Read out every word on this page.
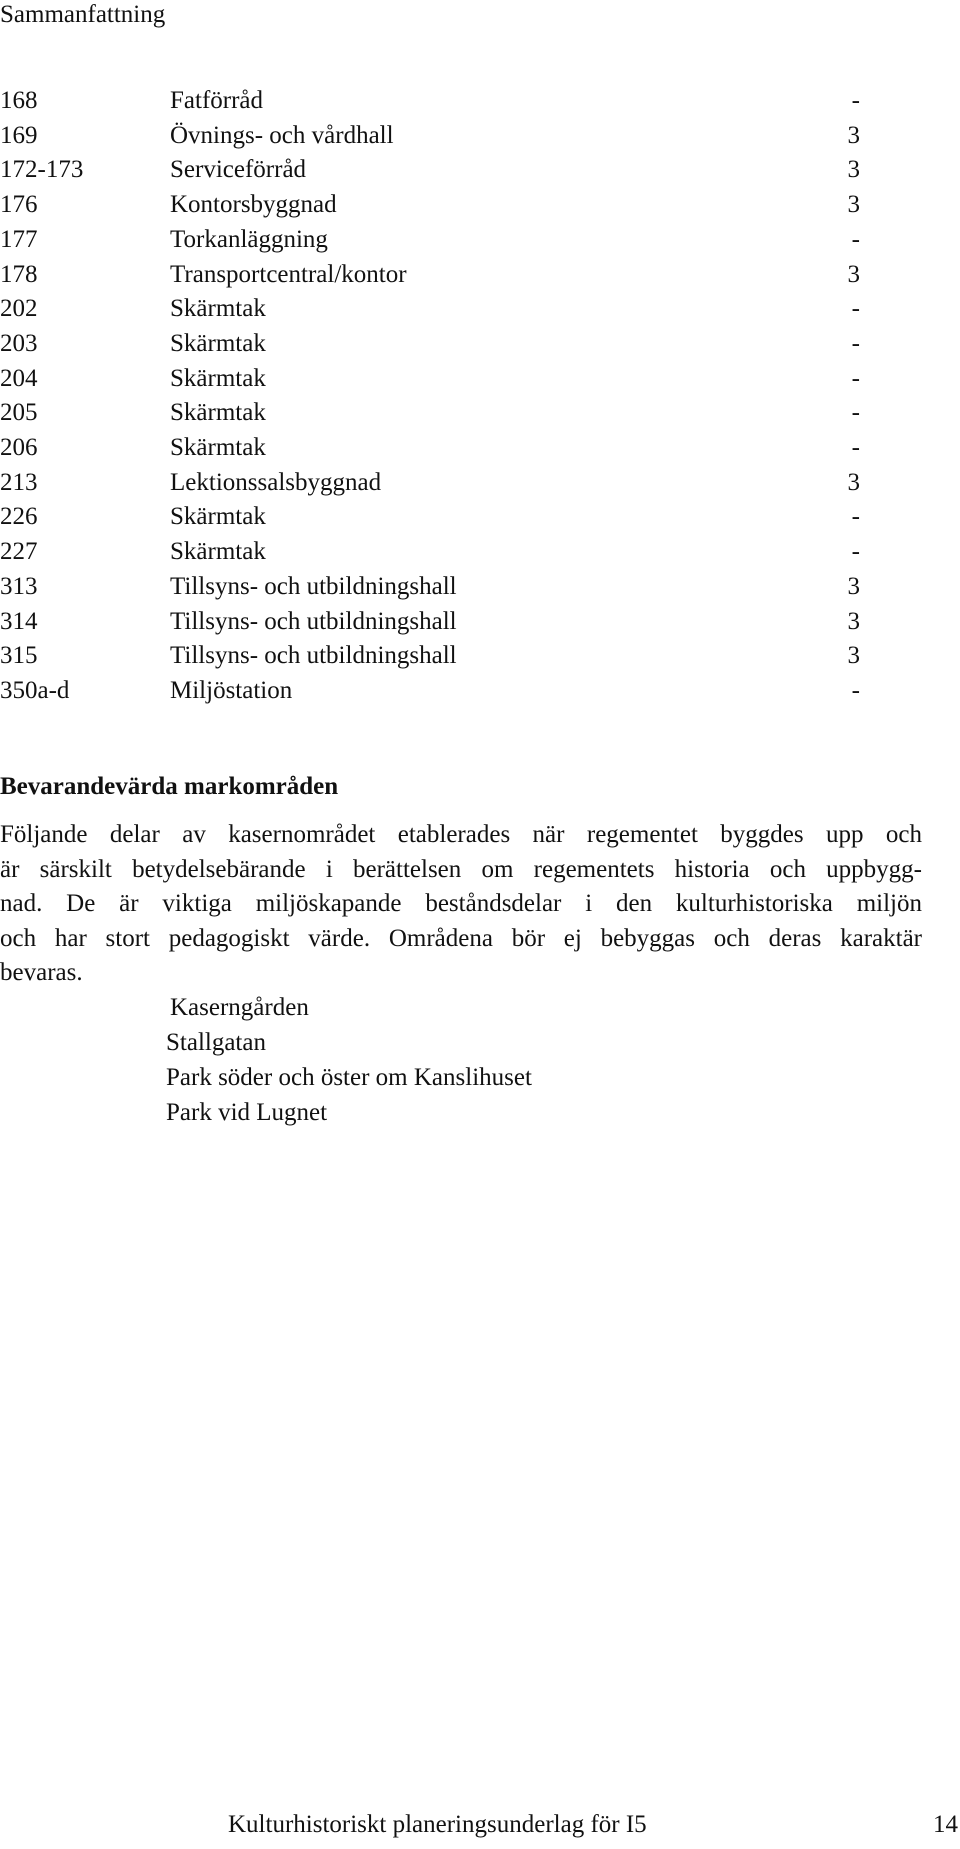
Sammanfattning
168	Fatförråd	-
169	Övnings- och vårdhall	3
172-173	Serviceförråd	3
176	Kontorsbyggnad	3
177	Torkanläggning	-
178	Transportcentral/kontor	3
202	Skärmtak	-
203	Skärmtak	-
204	Skärmtak	-
205	Skärmtak	-
206	Skärmtak	-
213	Lektionssalsbyggnad	3
226	Skärmtak	-
227	Skärmtak	-
313	Tillsyns- och utbildningshall	3
314	Tillsyns- och utbildningshall	3
315	Tillsyns- och utbildningshall	3
350a-d	Miljöstation	-
Bevarandevärda markområden

Följande delar av kasernområdet etablerades när regementet byggdes upp och
är särskilt betydelsebärande i berättelsen om regementets historia och uppbygg-
nad. De är viktiga miljöskapande beståndsdelar i den kulturhistoriska miljön
och har stort pedagogiskt värde. Områdena bör ej bebyggas och deras karaktär
bevaras.

Kaserngården
Stallgatan
Park söder och öster om Kanslihuset
Park vid Lugnet
Kulturhistoriskt planeringsunderlag för I5	14
